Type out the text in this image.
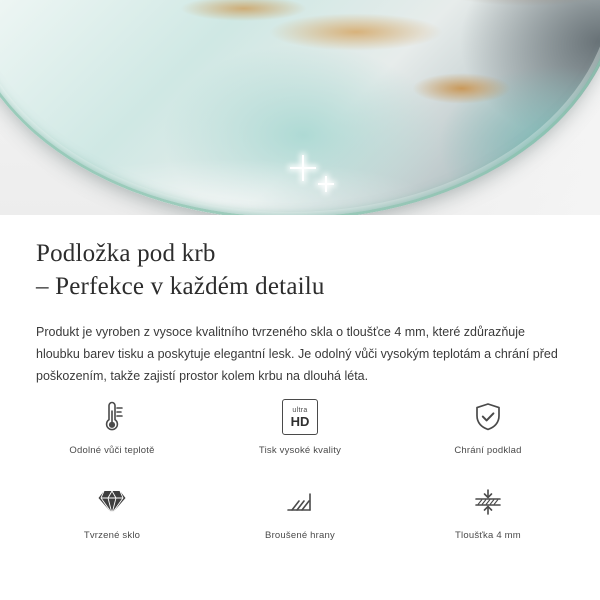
Podložka pod krb
– Perfekce v každém detailu

Produkt je vyroben z vysoce kvalitního tvrzeného skla o tloušťce 4 mm, které zdůrazňuje hloubku barev tisku a poskytuje elegantní lesk. Je odolný vůči vysokým teplotám a chrání před poškozením, takže zajistí prostor kolem krbu na dlouhá léta.

Odolné vůči teplotě
ultra
HD
Tisk vysoké kvality	Chrání podklad
Tvrzené sklo	Broušené hrany	Tloušťka 4 mm
